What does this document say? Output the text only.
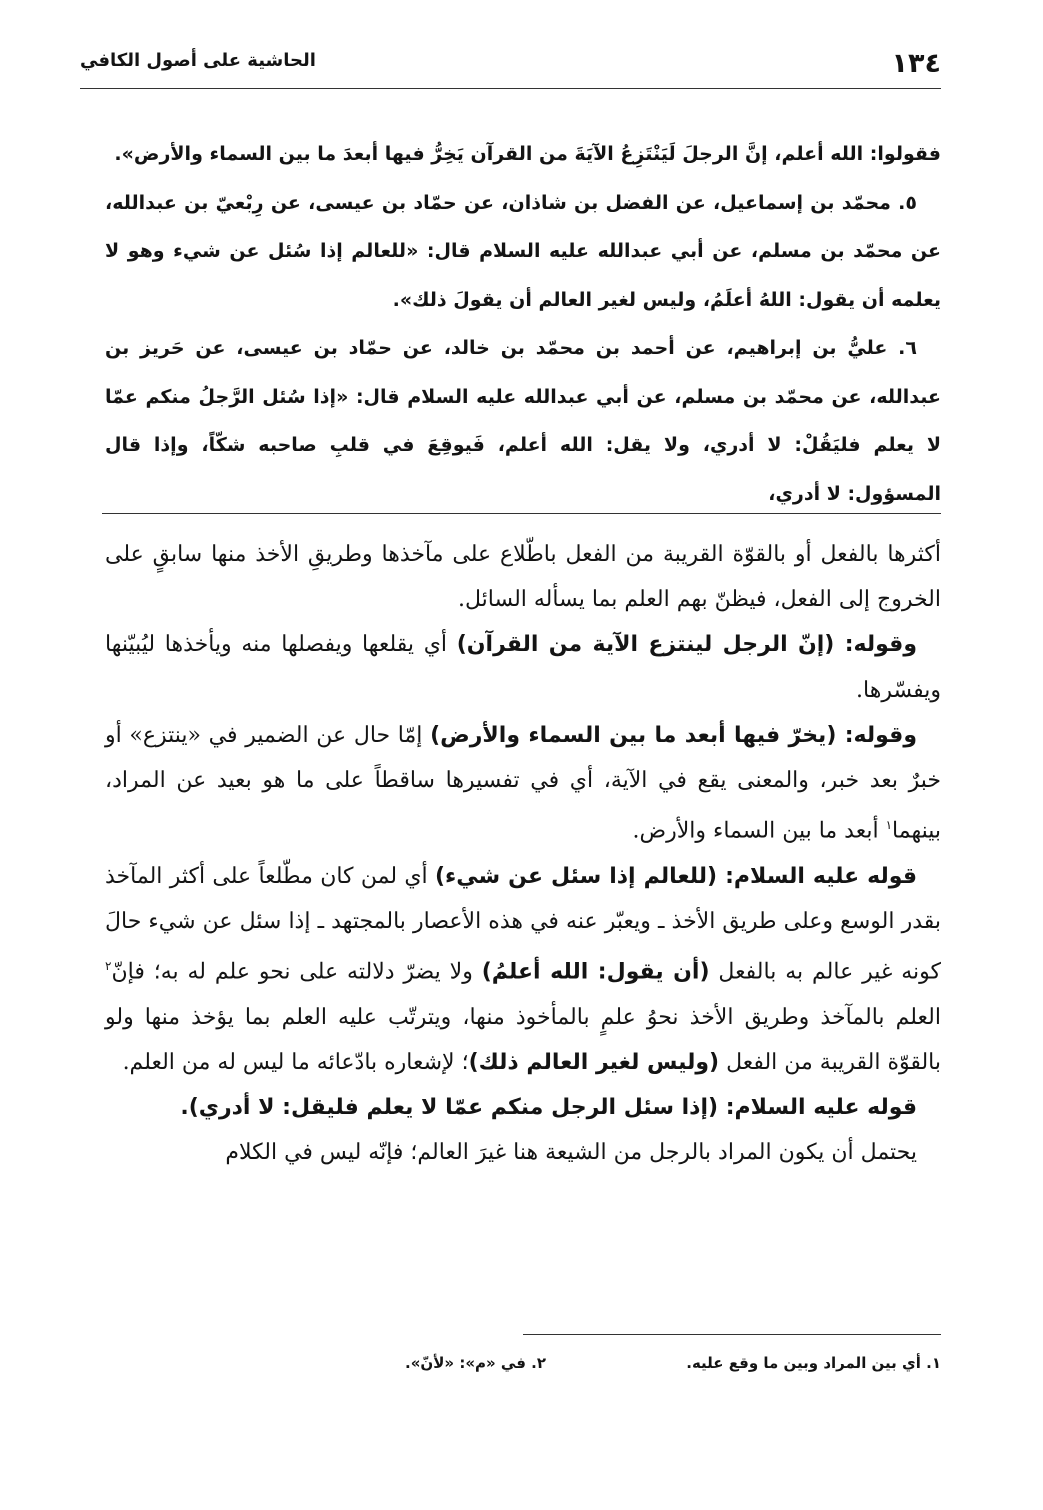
١٣٤
الحاشية على أصول الكافي

فقولوا: الله أعلم، إنَّ الرجلَ لَيَنْتَزِعُ الآيَةَ من القرآن يَخِرُّ فيها أبعدَ ما بين السماء والأرض».

٥. محمّد بن إسماعيل، عن الفضل بن شاذان، عن حمّاد بن عيسى، عن رِبْعيّ بن عبدالله، عن محمّد بن مسلم، عن أبي عبدالله عليه السلام قال: «للعالم إذا سُئل عن شيء وهو لا يعلمه أن يقول: اللهُ أعلَمُ، وليس لغير العالم أن يقولَ ذلك».

٦. عليُّ بن إبراهيم، عن أحمد بن محمّد بن خالد، عن حمّاد بن عيسى، عن حَريز بن عبدالله، عن محمّد بن مسلم، عن أبي عبدالله عليه السلام قال: «إذا سُئل الرَّجلُ منكم عمّا لا يعلم فليَقُلْ: لا أدري، ولا يقل: الله أعلم، فَيوقِعَ في قلبِ صاحبه شكّاً، وإذا قال المسؤول: لا أدري،

أكثرها بالفعل أو بالقوّة القريبة من الفعل باطّلاع على مآخذها وطريقِ الأخذ منها سابقٍ على الخروج إلى الفعل، فيظنّ بهم العلم بما يسأله السائل.

وقوله: (إنّ الرجل لينتزع الآية من القرآن) أي يقلعها ويفصلها منه ويأخذها ليُبيّنها ويفسّرها.

وقوله: (يخرّ فيها أبعد ما بين السماء والأرض) إمّا حال عن الضمير في «ينتزع» أو خبرٌ بعد خبر، والمعنى يقع في الآية، أي في تفسيرها ساقطاً على ما هو بعيد عن المراد، بينهما$^١$ أبعد ما بين السماء والأرض.

قوله عليه السلام: (للعالم إذا سئل عن شيء) أي لمن كان مطّلعاً على أكثر المآخذ بقدر الوسع وعلى طريق الأخذ ـ ويعبّر عنه في هذه الأعصار بالمجتهد ـ إذا سئل عن شيء حالَ كونه غير عالم به بالفعل (أن يقول: الله أعلمُ) ولا يضرّ دلالته على نحو علم له به؛ فإنّ$^٢$ العلم بالمآخذ وطريق الأخذ نحوُ علمٍ بالمأخوذ منها، ويترتّب عليه العلم بما يؤخذ منها ولو بالقوّة القريبة من الفعل (وليس لغير العالم ذلك)؛ لإشعاره بادّعائه ما ليس له من العلم.

قوله عليه السلام: (إذا سئل الرجل منكم عمّا لا يعلم فليقل: لا أدري).

يحتمل أن يكون المراد بالرجل من الشيعة هنا غيرَ العالم؛ فإنّه ليس في الكلام

١. أي بين المراد وبين ما وقع عليه.
٢. في «م»: «لأنّ».
